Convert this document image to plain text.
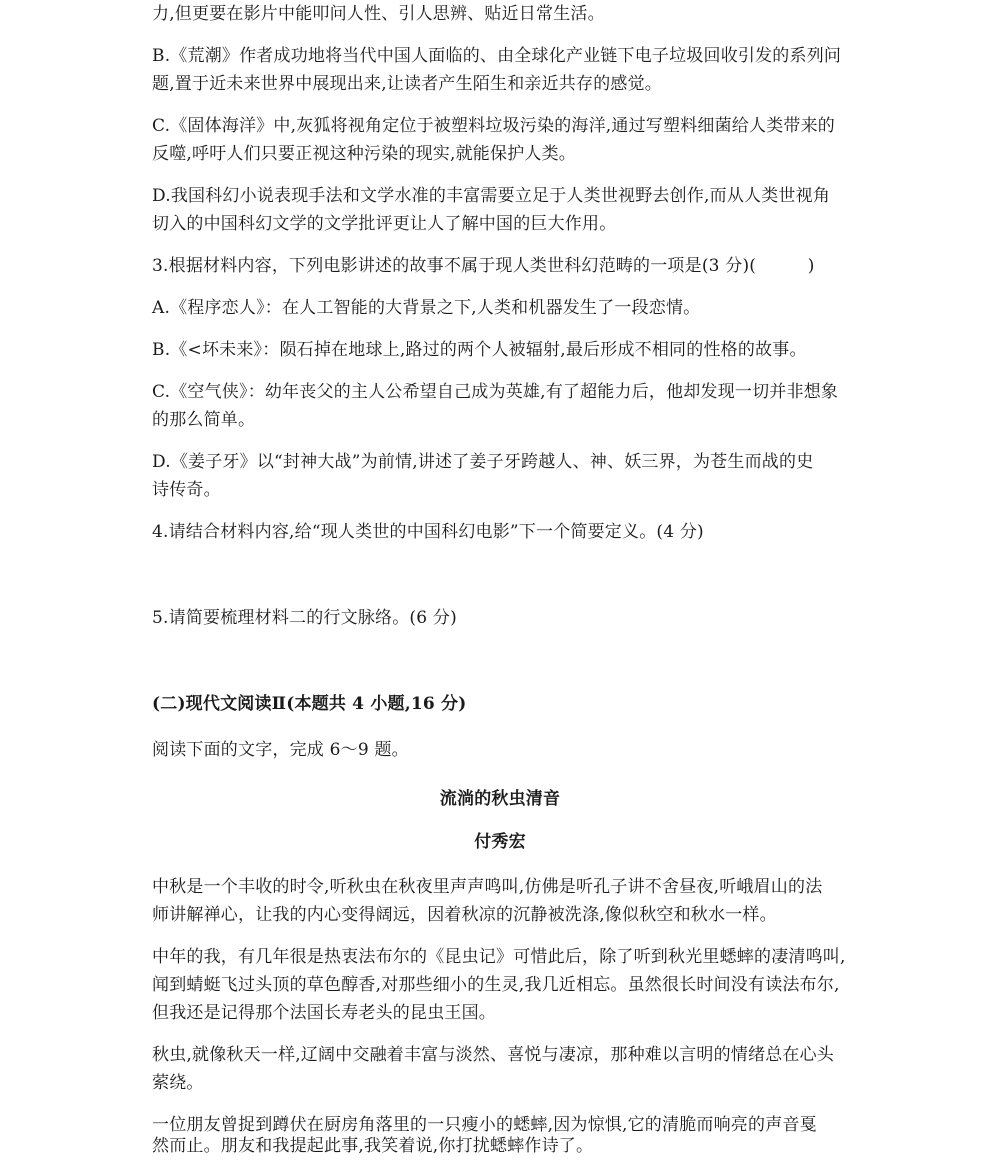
力,但更要在影片中能叩问人性、引人思辨、贴近日常生活。
B.《荒潮》作者成功地将当代中国人面临的、由全球化产业链下电子垃圾回收引发的系列问
题,置于近未来世界中展现出来,让读者产生陌生和亲近共存的感觉。
C.《固体海洋》中,灰狐将视角定位于被塑料垃圾污染的海洋,通过写塑料细菌给人类带来的
反噬,呼吁人们只要正视这种污染的现实,就能保护人类。
D.我国科幻小说表现手法和文学水准的丰富需要立足于人类世视野去创作,而从人类世视角
切入的中国科幻文学的文学批评更让人了解中国的巨大作用。
3.根据材料内容，下列电影讲述的故事不属于现人类世科幻范畴的一项是(3 分)(　　　)
A.《程序恋人》：在人工智能的大背景之下,人类和机器发生了一段恋情。
B.《<坏未来》：陨石掉在地球上,路过的两个人被辐射,最后形成不相同的性格的故事。
C.《空气侠》：幼年丧父的主人公希望自己成为英雄,有了超能力后，他却发现一切并非想象
的那么简单。
D.《姜子牙》以“封神大战”为前情,讲述了姜子牙跨越人、神、妖三界，为苍生而战的史
诗传奇。
4.请结合材料内容,给“现人类世的中国科幻电影”下一个简要定义。(4 分)
5.请简要梳理材料二的行文脉络。(6 分)
(二)现代文阅读Ⅱ(本题共 4 小题,16 分)
阅读下面的文字，完成 6～9 题。
流淌的秋虫清音
付秀宏
中秋是一个丰收的时令,听秋虫在秋夜里声声鸣叫,仿佛是听孔子讲不舍昼夜,听峨眉山的法
师讲解禅心，让我的内心变得阔远，因着秋凉的沉静被洗涤,像似秋空和秋水一样。
中年的我，有几年很是热衷法布尔的《昆虫记》可惜此后，除了听到秋光里蟋蟀的凄清鸣叫,
闻到蜻蜓飞过头顶的草色醇香,对那些细小的生灵,我几近相忘。虽然很长时间没有读法布尔,
但我还是记得那个法国长寿老头的昆虫王国。
秋虫,就像秋天一样,辽阔中交融着丰富与淡然、喜悦与凄凉，那种难以言明的情绪总在心头
萦绕。
一位朋友曾捉到蹲伏在厨房角落里的一只瘦小的蟋蟀,因为惊惧,它的清脆而响亮的声音戛
然而止。朋友和我提起此事,我笑着说,你打扰蟋蟀作诗了。
